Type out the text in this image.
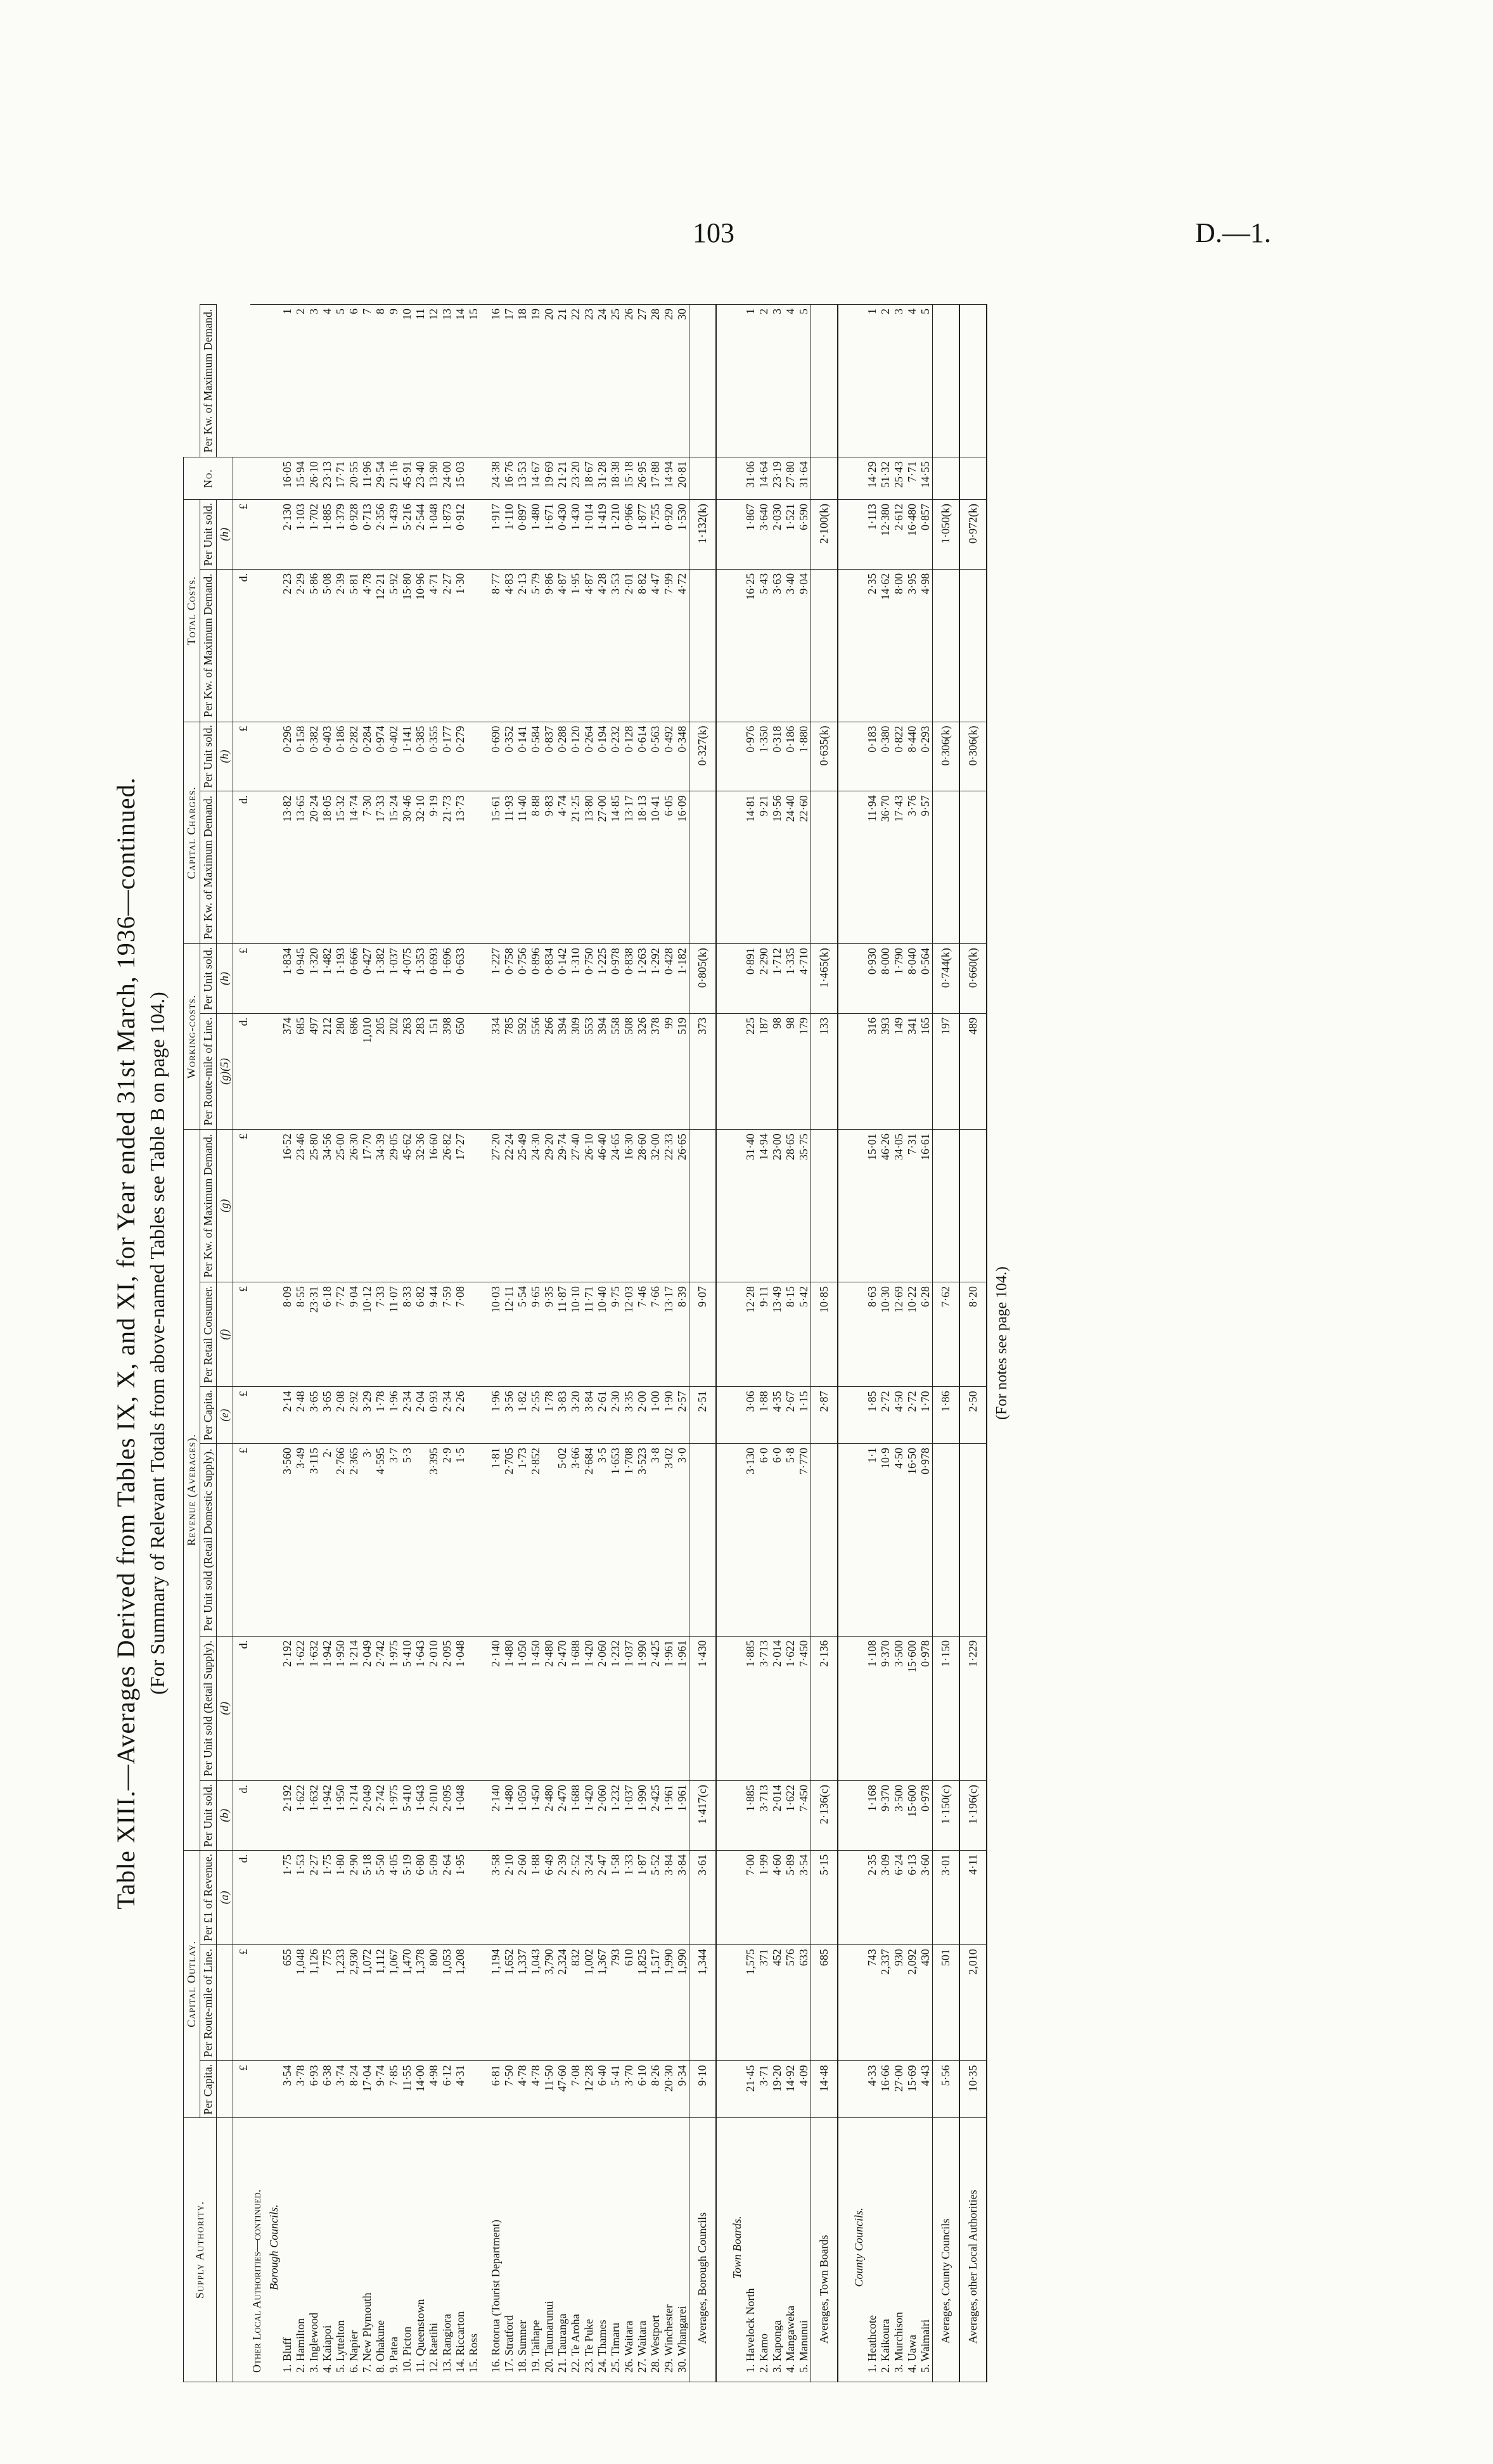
103	D.—1.
Table XIII.—Averages Derived from Tables IX, X, and XI, for Year ended 31st March, 1936—continued. (For Summary of Relevant Totals from above-named Tables see Table B on page 104.)
Supply Authority.	Capital Outlay.			Revenue (Averages).						Working-costs.		Capital Charges.		Total Costs.		No.	
	Per Capita.	Per Route-mile of Line.	Per £1 of Revenue.	Per Unit sold.	Per Unit sold (Retail Supply).	Per Unit sold (Retail Domestic Supply).	Per Capita.	Per Retail Consumer.	Per Kw. of Maximum Demand.	Per Route-mile of Line.	Per Unit sold.	Per Kw. of Maximum Demand.	Per Unit sold.	Per Kw. of Maximum Demand.	Per Unit sold.		Per Kw. of Maximum Demand.
			(a)	(b)	(d)		(e)	(f)	(g)	(g)(5)	(h)		(h)		(h)		
	£	£	d.	d.	d.	£	£	£	£	d.	£	d.	£	d.	£		
Other Local Authorities—continued.																	
Borough Councils.																	
1. Bluff	3·54	655	1·75	2·192	2·192	3·560	2·14	8·09	16·52	374	1·834	13·82	0·296	2·23	2·130	16·05	1
2. Hamilton	3·78	1,048	1·53	1·622	1·622	3·49	2·48	8·55	23·46	685	0·945	13·65	0·158	2·29	1·103	15·94	2
3. Inglewood	6·93	1,126	2·27	1·632	1·632	3·115	3·65	23·31	25·80	497	1·320	20·24	0·382	5·86	1·702	26·10	3
4. Kaiapoi	6·38	775	1·75	1·942	1·942	2·	3·65	6·18	34·56	212	1·482	18·05	0·403	5·08	1·885	23·13	4
5. Lyttelton	3·74	1,233	1·80	1·950	1·950	2·766	2·08	7·72	25·00	280	1·193	15·32	0·186	2·39	1·379	17·71	5
6. Napier	8·24	2,930	2·90	1·214	1·214	2·365	2·92	9·04	26·30	686	0·666	14·74	0·282	5·81	0·928	20·55	6
7. New Plymouth	17·04	1,072	5·18	2·049	2·049	3·	3·29	10·12	17·70	1,010	0·427	7·30	0·284	4·78	0·713	11·96	7
8. Ohakune	9·74	1,112	5·50	2·742	2·742	4·595	1·78	7·33	34·39	205	1·382	17·33	0·974	12·21	2·356	29·54	8
9. Patea	7·85	1,067	4·05	1·975	1·975	3·7	1·96	11·07	29·05	202	1·037	15·24	0·402	5·92	1·439	21·16	9
10. Picton	11·55	1,470	5·19	5·410	5·410	5·3	2·34	8·33	45·62	263	4·075	30·46	1·141	15·80	5·216	45·91	10
11. Queenstown	14·00	1,378	6·80	1·643	1·643		2·04	6·82	32·36	283	1·353	32·10	0·385	10·96	2·544	23·40	11
12. Raetihi	4·98	800	5·09	2·010	2·010	3·395	0·93	9·44	16·60	151	0·693	9·19	0·355	4·71	1·048	13·90	12
13. Rangiora	6·12	1,053	2·64	2·095	2·095	2·9	2·34	7·59	26·82	398	1·696	21·73	0·177	2·27	1·873	24·00	13
14. Riccarton	4·31	1,208	1·95	1·048	1·048	1·5	2·26	7·08	17·27	650	0·633	13·73	0·279	1·30	0·912	15·03	14
15. Ross																	15

16. Rotorua (Tourist Department)	6·81	1,194	3·58	2·140	2·140	1·81	1·96	10·03	27·20	334	1·227	15·61	0·690	8·77	1·917	24·38	16
17. Stratford	7·50	1,652	2·10	1·480	1·480	2·705	3·56	12·11	22·24	785	0·758	11·93	0·352	4·83	1·110	16·76	17
18. Sumner	4·78	1,337	2·60	1·050	1·050	1·73	1·82	5·54	25·49	592	0·756	11·40	0·141	2·13	0·897	13·53	18
19. Taihape	4·78	1,043	1·88	1·450	1·450	2·852	2·55	9·65	24·30	556	0·896	8·88	0·584	5·79	1·480	14·67	19
20. Taumarunui	11·50	3,790	6·49	2·480	2·480		1·78	9·35	29·20	266	0·834	9·83	0·837	9·86	1·671	19·69	20
21. Tauranga	47·60	2,324	2·39	2·470	2·470	5·02	3·83	11·87	29·74	394	0·142	4·74	0·288	4·87	0·430	21·21	21
22. Te Aroha	7·08	832	2·52	1·688	1·688	3·66	3·20	10·10	27·40	309	1·310	21·25	0·120	1·95	1·430	23·20	22
23. Te Puke	12·28	1,002	3·24	1·420	1·420	2·684	3·84	11·71	26·10	553	0·750	13·80	0·264	4·87	1·014	18·67	23
24. Thames	6·40	1,367	2·47	2·060	2·060	3·5	2·61	10·40	46·40	394	1·225	27·00	0·194	4·28	1·419	31·28	24
25. Timaru	5·41	793	1·58	1·232	1·232	1·653	2·30	9·75	24·65	558	0·978	14·85	0·232	3·53	1·210	18·38	25
26. Waitara	3·70	610	1·33	1·037	1·037	1·708	3·35	12·03	16·30	508	0·838	13·17	0·128	2·01	0·966	15·18	26
27. Waitara	6·10	1,825	1·87	1·990	1·990	3·523	2·00	7·46	28·60	326	1·263	18·13	0·614	8·82	1·877	26·95	27
28. Westport	8·26	1,517	5·52	2·425	2·425	3·8	1·00	7·66	32·00	378	1·292	10·41	0·563	4·47	1·755	17·88	28
29. Winchester	20·30	1,990	3·84	1·961	1·961	3·02	1·90	13·17	22·33	99	0·428	6·05	0·492	7·99	0·920	14·94	29
30. Whangarei	9·34	1,990	3·84	1·961	1·961	3·0	2·57	8·39	26·65	519	1·182	16·09	0·348	4·72	1·530	20·81	30
Averages, Borough Councils	9·10	1,344	3·61	1·417(c)	1·430		2·51	9·07		373	0·805(k)		0·327(k)		1·132(k)		

Town Boards.																	
1. Havelock North	21·45	1,575	7·00	1·885	1·885	3·130	3·06	12·28	31·40	225	0·891	14·81	0·976	16·25	1·867	31·06	1
2. Kamo	3·71	371	1·99	3·713	3·713	6·0	1·88	9·11	14·94	187	2·290	9·21	1·350	5·43	3·640	14·64	2
3. Kaponga	19·20	452	4·60	2·014	2·014	6·0	4·35	13·49	23·00	98	1·712	19·56	0·318	3·63	2·030	23·19	3
4. Mangaweka	14·92	576	5·89	1·622	1·622	5·8	2·67	8·15	28·65	98	1·335	24·40	0·186	3·40	1·521	27·80	4
5. Manunui	4·09	633	3·54	7·450	7·450	7·770	1·15	5·42	35·75	179	4·710	22·60	1·880	9·04	6·590	31·64	5
Averages, Town Boards	14·48	685	5·15	2·136(c)	2·136		2·87	10·85		133	1·465(k)		0·635(k)		2·100(k)		

County Councils.																	
1. Heathcote	4·33	743	2·35	1·168	1·108	1·1	1·85	8·63	15·01	316	0·930	11·94	0·183	2·35	1·113	14·29	1
2. Kaikoura	16·66	2,337	3·09	9·370	9·370	10·9	2·72	10·30	46·26	393	8·000	36·70	0·380	14·62	12·380	51·32	2
3. Murchison	27·00	930	6·24	3·500	3·500	4·50	4·50	12·69	34·05	149	1·790	17·43	0·822	8·00	2·612	25·43	3
4. Uawa	15·69	2,092	6·13	15·600	15·600	16·50	2·72	10·22	7·31	341	8·040	3·76	8·440	3·95	16·480	7·71	4
5. Waimairi	4·43	430	3·60	0·978	0·978	0·978	1·70	6·28	16·61	165	0·564	9·57	0·293	4·98	0·857	14·55	5
Averages, County Councils	5·56	501	3·01	1·150(c)	1·150		1·86	7·62		197	0·744(k)		0·306(k)		1·050(k)		
Averages, other Local Authorities	10·35	2,010	4·11	1·196(c)	1·229		2·50	8·20		489	0·660(k)		0·306(k)		0·972(k)		
(For notes see page 104.)
